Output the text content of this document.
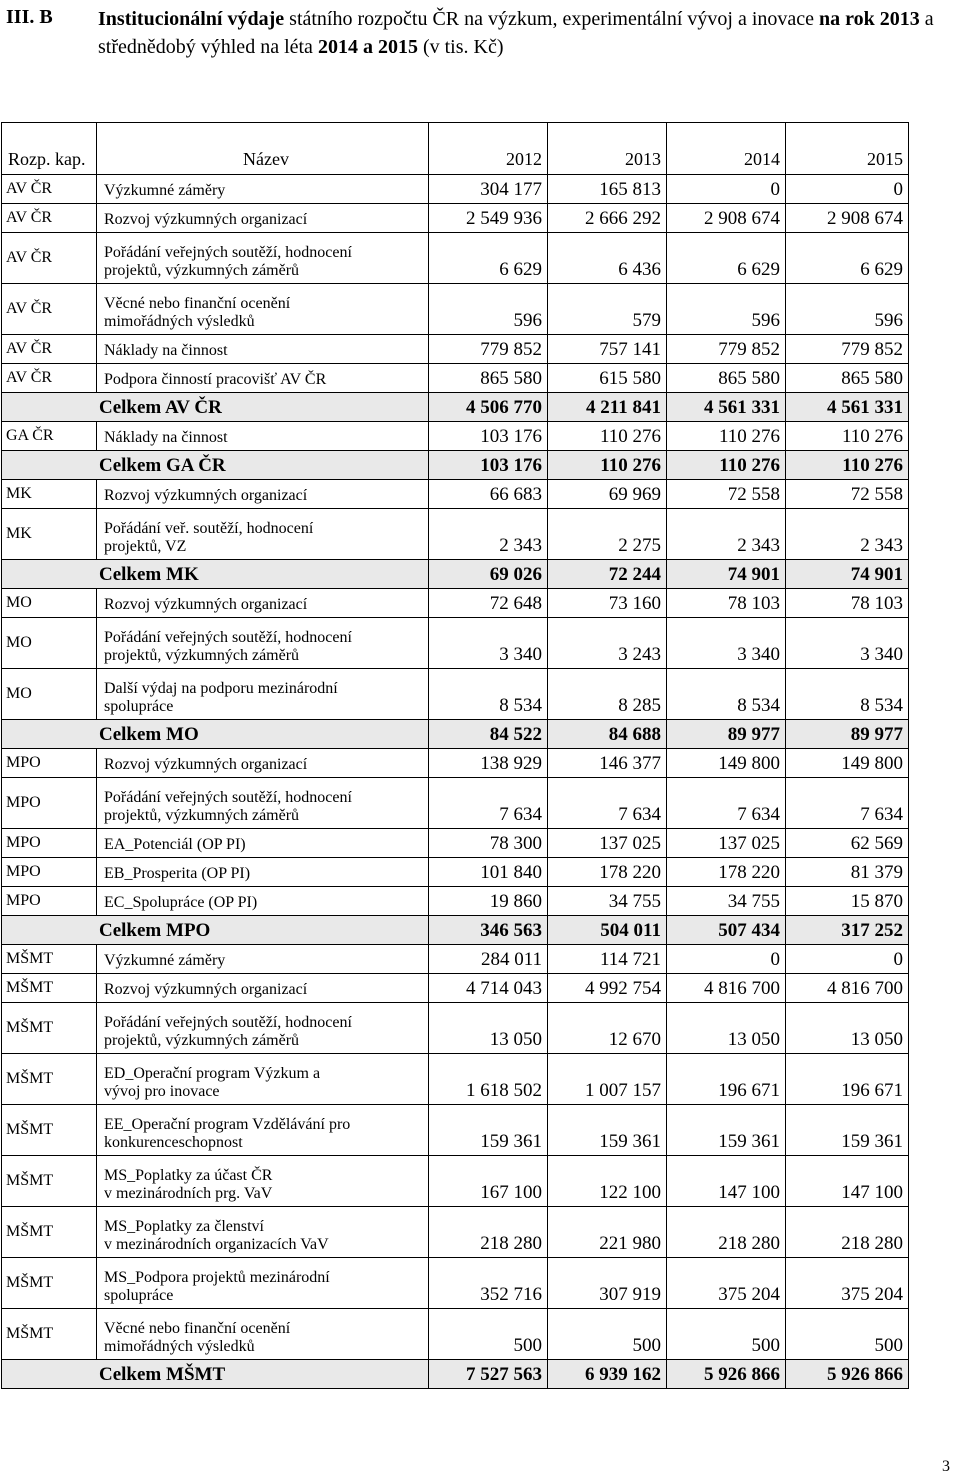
III. B Institucionální výdaje státního rozpočtu ČR na výzkum, experimentální vývoj a inovace na rok 2013 a střednědobý výhled na léta 2014 a 2015 (v tis. Kč)
Rozp. kap.	Název	2012	2013	2014	2015
AV ČR	Výzkumné záměry	304 177	165 813	0	0
AV ČR	Rozvoj výzkumných organizací	2 549 936	2 666 292	2 908 674	2 908 674
AV ČR	Pořádání veřejných soutěží, hodnocení
projektů, výzkumných záměrů	6 629	6 436	6 629	6 629
AV ČR	Věcné nebo finanční ocenění
mimořádných výsledků	596	579	596	596
AV ČR	Náklady na činnost	779 852	757 141	779 852	779 852
AV ČR	Podpora činností pracovišť AV ČR	865 580	615 580	865 580	865 580
Celkem AV ČR		4 506 770	4 211 841	4 561 331	4 561 331
GA ČR	Náklady na činnost	103 176	110 276	110 276	110 276
Celkem GA ČR		103 176	110 276	110 276	110 276
MK	Rozvoj výzkumných organizací	66 683	69 969	72 558	72 558
MK	Pořádání veř. soutěží, hodnocení
projektů, VZ	2 343	2 275	2 343	2 343
Celkem MK		69 026	72 244	74 901	74 901
MO	Rozvoj výzkumných organizací	72 648	73 160	78 103	78 103
MO	Pořádání veřejných soutěží, hodnocení
projektů, výzkumných záměrů	3 340	3 243	3 340	3 340
MO	Další výdaj na podporu mezinárodní
spolupráce	8 534	8 285	8 534	8 534
Celkem MO		84 522	84 688	89 977	89 977
MPO	Rozvoj výzkumných organizací	138 929	146 377	149 800	149 800
MPO	Pořádání veřejných soutěží, hodnocení
projektů, výzkumných záměrů	7 634	7 634	7 634	7 634
MPO	EA_Potenciál (OP PI)	78 300	137 025	137 025	62 569
MPO	EB_Prosperita (OP PI)	101 840	178 220	178 220	81 379
MPO	EC_Spolupráce (OP PI)	19 860	34 755	34 755	15 870
Celkem MPO		346 563	504 011	507 434	317 252
MŠMT	Výzkumné záměry	284 011	114 721	0	0
MŠMT	Rozvoj výzkumných organizací	4 714 043	4 992 754	4 816 700	4 816 700
MŠMT	Pořádání veřejných soutěží, hodnocení
projektů, výzkumných záměrů	13 050	12 670	13 050	13 050
MŠMT	ED_Operační program Výzkum a
vývoj pro inovace	1 618 502	1 007 157	196 671	196 671
MŠMT	EE_Operační program Vzdělávání pro
konkurenceschopnost	159 361	159 361	159 361	159 361
MŠMT	MS_Poplatky za účast ČR
v mezinárodních prg. VaV	167 100	122 100	147 100	147 100
MŠMT	MS_Poplatky za členství
v mezinárodních organizacích VaV	218 280	221 980	218 280	218 280
MŠMT	MS_Podpora projektů mezinárodní
spolupráce	352 716	307 919	375 204	375 204
MŠMT	Věcné nebo finanční ocenění
mimořádných výsledků	500	500	500	500
Celkem MŠMT		7 527 563	6 939 162	5 926 866	5 926 866
3
